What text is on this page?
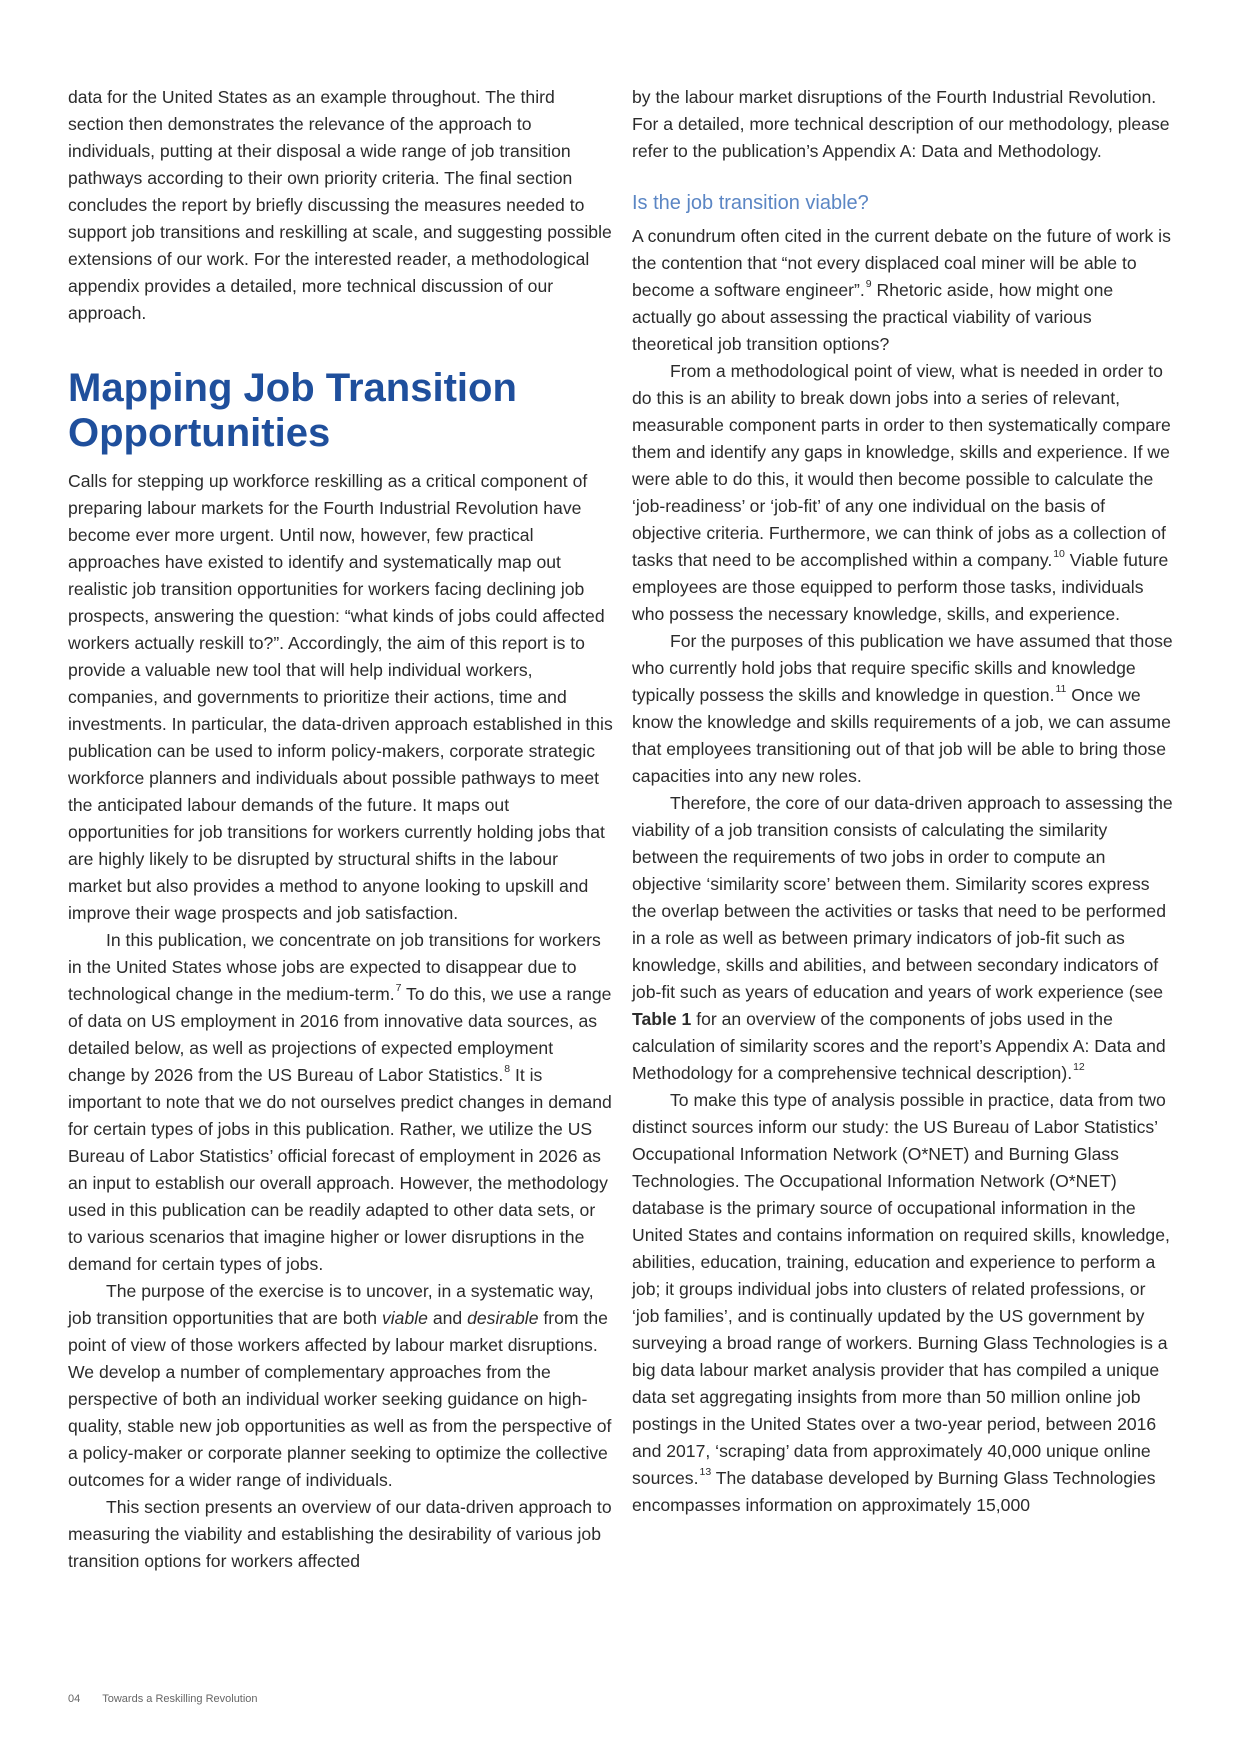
data for the United States as an example throughout. The third section then demonstrates the relevance of the approach to individuals, putting at their disposal a wide range of job transition pathways according to their own priority criteria. The final section concludes the report by briefly discussing the measures needed to support job transitions and reskilling at scale, and suggesting possible extensions of our work. For the interested reader, a methodological appendix provides a detailed, more technical discussion of our approach.

Mapping Job Transition Opportunities

Calls for stepping up workforce reskilling as a critical component of preparing labour markets for the Fourth Industrial Revolution have become ever more urgent. Until now, however, few practical approaches have existed to identify and systematically map out realistic job transition opportunities for workers facing declining job prospects, answering the question: “what kinds of jobs could affected workers actually reskill to?”. Accordingly, the aim of this report is to provide a valuable new tool that will help individual workers, companies, and governments to prioritize their actions, time and investments. In particular, the data-driven approach established in this publication can be used to inform policy-makers, corporate strategic workforce planners and individuals about possible pathways to meet the anticipated labour demands of the future. It maps out opportunities for job transitions for workers currently holding jobs that are highly likely to be disrupted by structural shifts in the labour market but also provides a method to anyone looking to upskill and improve their wage prospects and job satisfaction.

In this publication, we concentrate on job transitions for workers in the United States whose jobs are expected to disappear due to technological change in the medium-term.$^7$ To do this, we use a range of data on US employment in 2016 from innovative data sources, as detailed below, as well as projections of expected employment change by 2026 from the US Bureau of Labor Statistics.$^8$ It is important to note that we do not ourselves predict changes in demand for certain types of jobs in this publication. Rather, we utilize the US Bureau of Labor Statistics’ official forecast of employment in 2026 as an input to establish our overall approach. However, the methodology used in this publication can be readily adapted to other data sets, or to various scenarios that imagine higher or lower disruptions in the demand for certain types of jobs.

The purpose of the exercise is to uncover, in a systematic way, job transition opportunities that are both viable and desirable from the point of view of those workers affected by labour market disruptions. We develop a number of complementary approaches from the perspective of both an individual worker seeking guidance on high-quality, stable new job opportunities as well as from the perspective of a policy-maker or corporate planner seeking to optimize the collective outcomes for a wider range of individuals.

This section presents an overview of our data-driven approach to measuring the viability and establishing the desirability of various job transition options for workers affected

by the labour market disruptions of the Fourth Industrial Revolution. For a detailed, more technical description of our methodology, please refer to the publication’s Appendix A: Data and Methodology.

Is the job transition viable?

A conundrum often cited in the current debate on the future of work is the contention that “not every displaced coal miner will be able to become a software engineer”.$^9$ Rhetoric aside, how might one actually go about assessing the practical viability of various theoretical job transition options?

From a methodological point of view, what is needed in order to do this is an ability to break down jobs into a series of relevant, measurable component parts in order to then systematically compare them and identify any gaps in knowledge, skills and experience. If we were able to do this, it would then become possible to calculate the ‘job-readiness’ or ‘job-fit’ of any one individual on the basis of objective criteria. Furthermore, we can think of jobs as a collection of tasks that need to be accomplished within a company.$^{10}$ Viable future employees are those equipped to perform those tasks, individuals who possess the necessary knowledge, skills, and experience.

For the purposes of this publication we have assumed that those who currently hold jobs that require specific skills and knowledge typically possess the skills and knowledge in question.$^{11}$ Once we know the knowledge and skills requirements of a job, we can assume that employees transitioning out of that job will be able to bring those capacities into any new roles.

Therefore, the core of our data-driven approach to assessing the viability of a job transition consists of calculating the similarity between the requirements of two jobs in order to compute an objective ‘similarity score’ between them. Similarity scores express the overlap between the activities or tasks that need to be performed in a role as well as between primary indicators of job-fit such as knowledge, skills and abilities, and between secondary indicators of job-fit such as years of education and years of work experience (see Table 1 for an overview of the components of jobs used in the calculation of similarity scores and the report’s Appendix A: Data and Methodology for a comprehensive technical description).$^{12}$

To make this type of analysis possible in practice, data from two distinct sources inform our study: the US Bureau of Labor Statistics’ Occupational Information Network (O*NET) and Burning Glass Technologies. The Occupational Information Network (O*NET) database is the primary source of occupational information in the United States and contains information on required skills, knowledge, abilities, education, training, education and experience to perform a job; it groups individual jobs into clusters of related professions, or ‘job families’, and is continually updated by the US government by surveying a broad range of workers. Burning Glass Technologies is a big data labour market analysis provider that has compiled a unique data set aggregating insights from more than 50 million online job postings in the United States over a two-year period, between 2016 and 2017, ‘scraping’ data from approximately 40,000 unique online sources.$^{13}$ The database developed by Burning Glass Technologies encompasses information on approximately 15,000

04 Towards a Reskilling Revolution
